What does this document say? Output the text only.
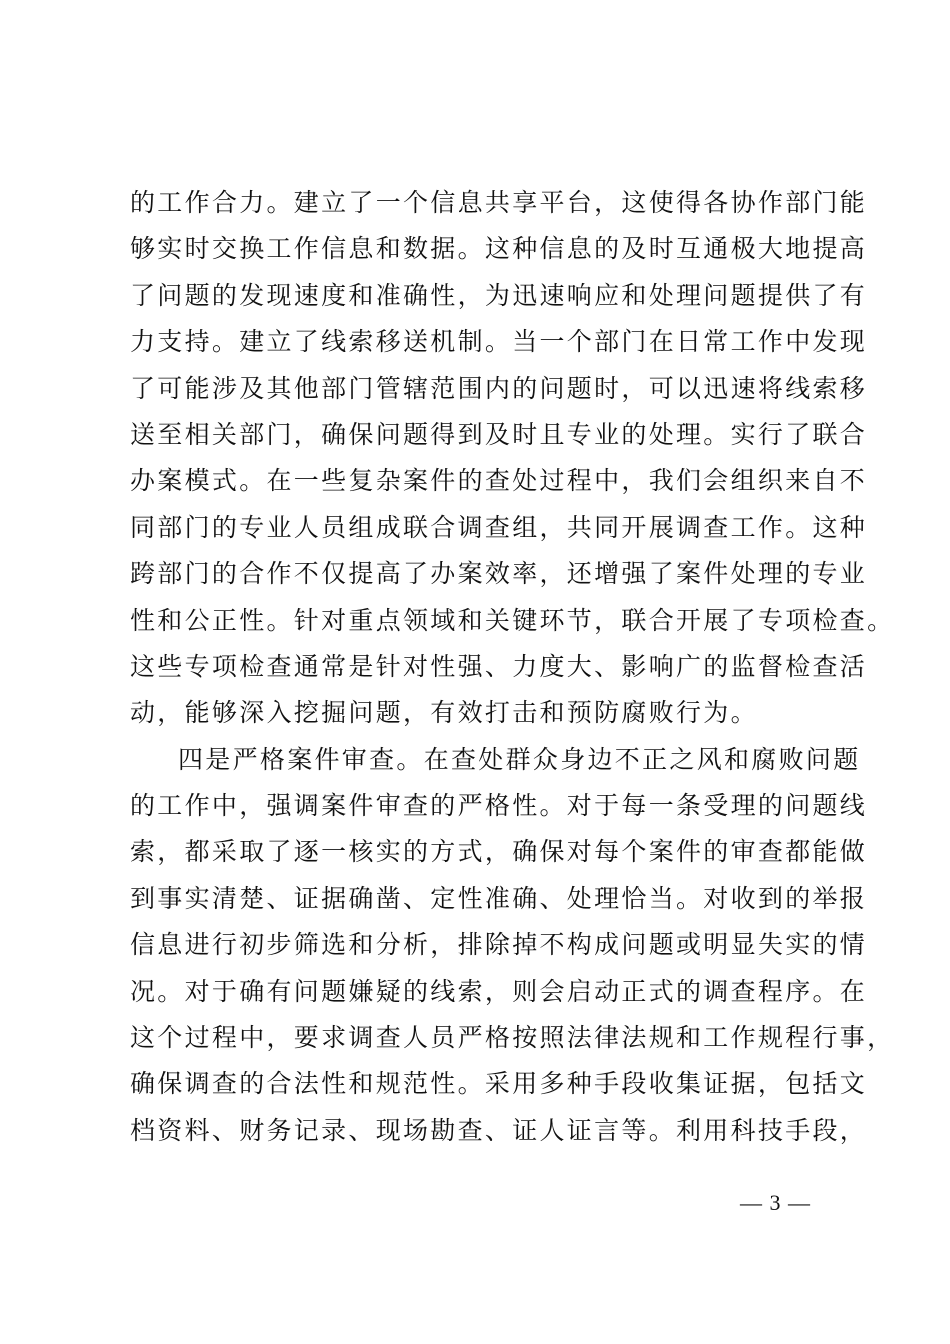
的工作合力。建立了一个信息共享平台，这使得各协作部门能
够实时交换工作信息和数据。这种信息的及时互通极大地提高
了问题的发现速度和准确性，为迅速响应和处理问题提供了有
力支持。建立了线索移送机制。当一个部门在日常工作中发现
了可能涉及其他部门管辖范围内的问题时，可以迅速将线索移
送至相关部门，确保问题得到及时且专业的处理。实行了联合
办案模式。在一些复杂案件的查处过程中，我们会组织来自不
同部门的专业人员组成联合调查组，共同开展调查工作。这种
跨部门的合作不仅提高了办案效率，还增强了案件处理的专业
性和公正性。针对重点领域和关键环节，联合开展了专项检查。
这些专项检查通常是针对性强、力度大、影响广的监督检查活
动，能够深入挖掘问题，有效打击和预防腐败行为。
四是严格案件审查。在查处群众身边不正之风和腐败问题
的工作中，强调案件审查的严格性。对于每一条受理的问题线
索，都采取了逐一核实的方式，确保对每个案件的审查都能做
到事实清楚、证据确凿、定性准确、处理恰当。对收到的举报
信息进行初步筛选和分析，排除掉不构成问题或明显失实的情
况。对于确有问题嫌疑的线索，则会启动正式的调查程序。在
这个过程中，要求调查人员严格按照法律法规和工作规程行事，
确保调查的合法性和规范性。采用多种手段收集证据，包括文
档资料、财务记录、现场勘查、证人证言等。利用科技手段，
— 3 —
